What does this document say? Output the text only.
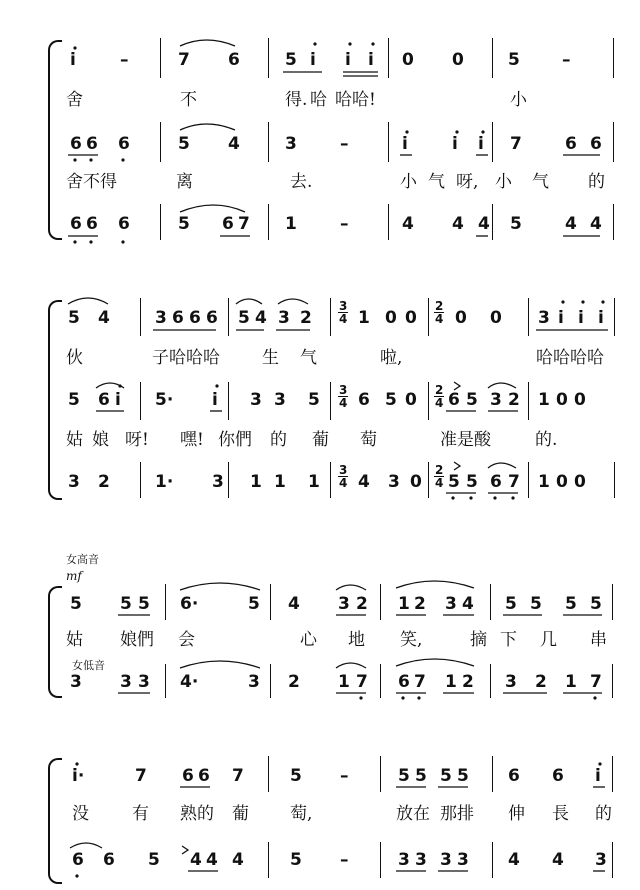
i	–	7 6	5 i i i 0 0	5 –
舍	不	得. 哈 哈哈!	小
6 6 6	5 4	3	–	i	i i 7	6 6
舍不得	离	去.	小 气 呀, 小 气 的
6 6 6	5 6 7 1	–	4 4 4 5	4 4
$\frac{3}{4}$	$\frac{2}{4}$
$\frac{3}{4}$	$\frac{2}{4}$
$\frac{3}{4}$	$\frac{2}{4}$
5 4	3 6 6 6 5 4 3 2	1 0 0 0 0 3 i i i
伙	子哈哈哈 生 气	啦,	哈哈哈哈
5 6 i 5· i 3 3 5 6 5 0 6 5 3 2 1 0 0
姑 娘 呀! 嘿! 你們 的 葡 萄	准是酸	的.
3 2	1· 3 1 1 1 4 3 0 5 5 6 7 1 0 0
女高音
mf
女低音
5 5 5 6·	5 4 3 2 1 2 3 4 5 5 5 5
姑 娘們 会	心 地 笑,	摘 下 几 串
3 3 3 4·	3 2 1 7 6 7 1 2 3 2 1 7
i·	7 6 6 7	5 –	5 5 5 5 6 6 i
没	有 熟的 葡 萄,	放在 那排 伸 長 的
6 6 5 4 4 4	5 –	3 3 3 3 4 4 3
